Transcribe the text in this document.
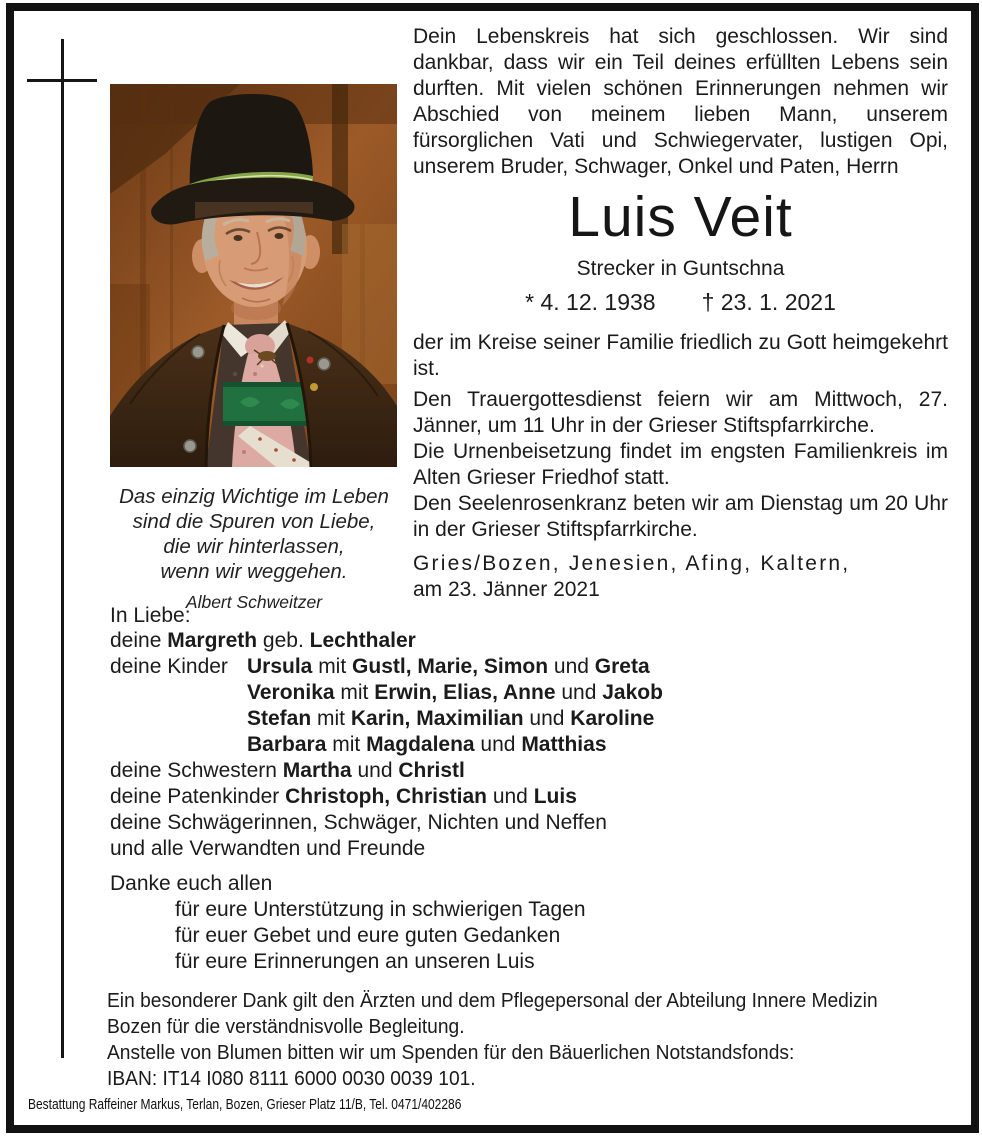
Dein Lebenskreis hat sich geschlossen. Wir sind dankbar, dass wir ein Teil deines erfüllten Lebens sein durften. Mit vielen schönen Erinnerungen nehmen wir Abschied von meinem lieben Mann, unserem fürsorglichen Vati und Schwiegervater, lustigen Opi, unserem Bruder, Schwager, Onkel und Paten, Herrn
Luis Veit
Strecker in Guntschna
* 4. 12. 1938 † 23. 1. 2021
der im Kreise seiner Familie friedlich zu Gott heimgekehrt ist.
Den Trauergottesdienst feiern wir am Mittwoch, 27. Jänner, um 11 Uhr in der Grieser Stiftspfarrkirche.
Die Urnenbeisetzung findet im engsten Familienkreis im Alten Grieser Friedhof statt.
Den Seelenrosenkranz beten wir am Dienstag um 20 Uhr in der Grieser Stiftspfarrkirche.
Gries/Bozen, Jenesien, Afing, Kaltern,
am 23. Jänner 2021
Das einzig Wichtige im Leben
sind die Spuren von Liebe,
die wir hinterlassen,
wenn wir weggehen.
Albert Schweitzer
In Liebe:
deine Margreth geb. Lechthaler
deine Kinder Ursula mit Gustl, Marie, Simon und Greta
Veronika mit Erwin, Elias, Anne und Jakob
Stefan mit Karin, Maximilian und Karoline
Barbara mit Magdalena und Matthias
deine Schwestern Martha und Christl
deine Patenkinder Christoph, Christian und Luis
deine Schwägerinnen, Schwäger, Nichten und Neffen
und alle Verwandten und Freunde
Danke euch allen
für eure Unterstützung in schwierigen Tagen
für euer Gebet und eure guten Gedanken
für eure Erinnerungen an unseren Luis
Ein besonderer Dank gilt den Ärzten und dem Pflegepersonal der Abteilung Innere Medizin
Bozen für die verständnisvolle Begleitung.
Anstelle von Blumen bitten wir um Spenden für den Bäuerlichen Notstandsfonds:
IBAN: IT14 I080 8111 6000 0030 0039 101.
Bestattung Raffeiner Markus, Terlan, Bozen, Grieser Platz 11/B, Tel. 0471/402286
